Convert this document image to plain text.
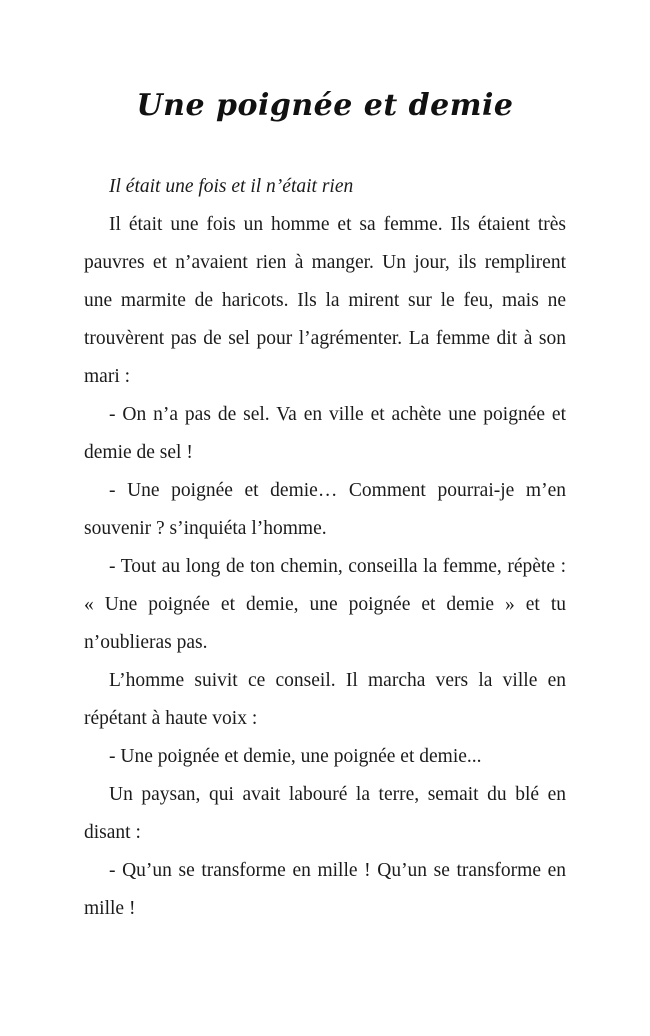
Une poignée et demie

Il était une fois et il n’était rien

Il était une fois un homme et sa femme. Ils étaient très pauvres et n’avaient rien à manger. Un jour, ils remplirent une marmite de haricots. Ils la mirent sur le feu, mais ne trouvèrent pas de sel pour l’agrémenter. La femme dit à son mari :

- On n’a pas de sel. Va en ville et achète une poignée et demie de sel !

- Une poignée et demie… Comment pourrai-je m’en souvenir ? s’inquiéta l’homme.

- Tout au long de ton chemin, conseilla la femme, répète : « Une poignée et demie, une poignée et demie » et tu n’oublieras pas.

L’homme suivit ce conseil. Il marcha vers la ville en répétant à haute voix :

- Une poignée et demie, une poignée et demie...

Un paysan, qui avait labouré la terre, semait du blé en disant :

- Qu’un se transforme en mille ! Qu’un se transforme en mille !
